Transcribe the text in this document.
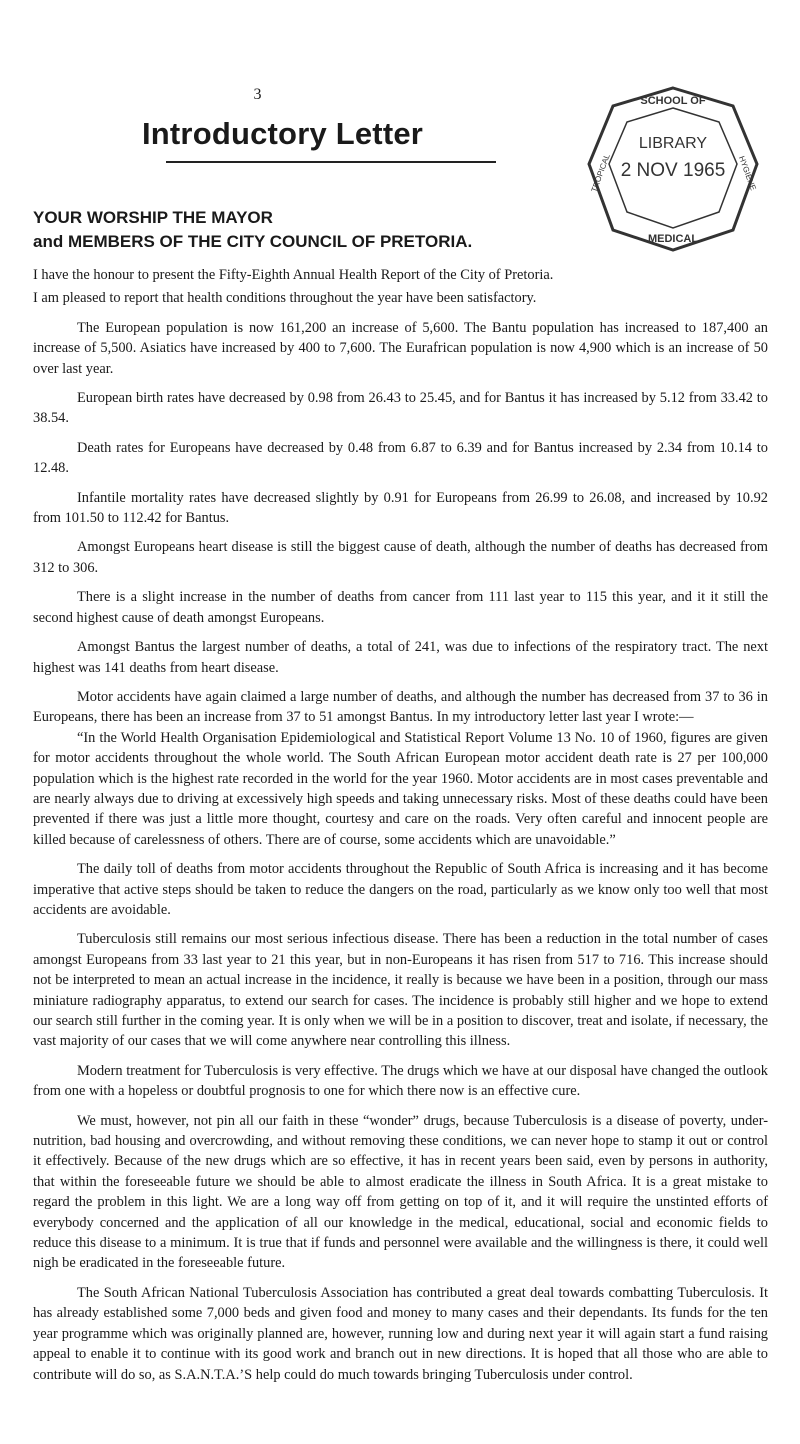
3
Introductory Letter
YOUR WORSHIP THE MAYOR
and MEMBERS OF THE CITY COUNCIL OF PRETORIA.
SCHOOL OF
LIBRARY
2 NOV 1965
MEDICAL
TROPICAL	HYGIENE

I have the honour to present the Fifty-Eighth Annual Health Report of the City of Pretoria.

I am pleased to report that health conditions throughout the year have been satisfactory.

The European population is now 161,200 an increase of 5,600. The Bantu population has increased to 187,400 an increase of 5,500. Asiatics have increased by 400 to 7,600. The Eurafrican population is now 4,900 which is an increase of 50 over last year.

European birth rates have decreased by 0.98 from 26.43 to 25.45, and for Bantus it has increased by 5.12 from 33.42 to 38.54.

Death rates for Europeans have decreased by 0.48 from 6.87 to 6.39 and for Bantus increased by 2.34 from 10.14 to 12.48.

Infantile mortality rates have decreased slightly by 0.91 for Europeans from 26.99 to 26.08, and increased by 10.92 from 101.50 to 112.42 for Bantus.

Amongst Europeans heart disease is still the biggest cause of death, although the number of deaths has decreased from 312 to 306.

There is a slight increase in the number of deaths from cancer from 111 last year to 115 this year, and it it still the second highest cause of death amongst Europeans.

Amongst Bantus the largest number of deaths, a total of 241, was due to infections of the respiratory tract. The next highest was 141 deaths from heart disease.

Motor accidents have again claimed a large number of deaths, and although the number has decreased from 37 to 36 in Europeans, there has been an increase from 37 to 51 amongst Bantus. In my introductory letter last year I wrote:—

“In the World Health Organisation Epidemiological and Statistical Report Volume 13 No. 10 of 1960, figures are given for motor accidents throughout the whole world. The South African European motor accident death rate is 27 per 100,000 population which is the highest rate recorded in the world for the year 1960. Motor accidents are in most cases preventable and are nearly always due to driving at excessively high speeds and taking unnecessary risks. Most of these deaths could have been prevented if there was just a little more thought, courtesy and care on the roads. Very often careful and innocent people are killed because of carelessness of others. There are of course, some accidents which are unavoidable.”

The daily toll of deaths from motor accidents throughout the Republic of South Africa is increasing and it has become imperative that active steps should be taken to reduce the dangers on the road, particularly as we know only too well that most accidents are avoidable.

Tuberculosis still remains our most serious infectious disease. There has been a reduction in the total number of cases amongst Europeans from 33 last year to 21 this year, but in non-Europeans it has risen from 517 to 716. This increase should not be interpreted to mean an actual increase in the incidence, it really is because we have been in a position, through our mass miniature radiography apparatus, to extend our search for cases. The incidence is probably still higher and we hope to extend our search still further in the coming year. It is only when we will be in a position to discover, treat and isolate, if necessary, the vast majority of our cases that we will come anywhere near controlling this illness.

Modern treatment for Tuberculosis is very effective. The drugs which we have at our disposal have changed the outlook from one with a hopeless or doubtful prognosis to one for which there now is an effective cure.

We must, however, not pin all our faith in these “wonder” drugs, because Tuberculosis is a disease of poverty, under-nutrition, bad housing and overcrowding, and without removing these conditions, we can never hope to stamp it out or control it effectively. Because of the new drugs which are so effective, it has in recent years been said, even by persons in authority, that within the foreseeable future we should be able to almost eradicate the illness in South Africa. It is a great mistake to regard the problem in this light. We are a long way off from getting on top of it, and it will require the unstinted efforts of everybody concerned and the application of all our knowledge in the medical, educational, social and economic fields to reduce this disease to a minimum. It is true that if funds and personnel were available and the willingness is there, it could well nigh be eradicated in the foreseeable future.

The South African National Tuberculosis Association has contributed a great deal towards combatting Tuberculosis. It has already established some 7,000 beds and given food and money to many cases and their dependants. Its funds for the ten year programme which was originally planned are, however, running low and during next year it will again start a fund raising appeal to enable it to continue with its good work and branch out in new directions. It is hoped that all those who are able to contribute will do so, as S.A.N.T.A.’S help could do much towards bringing Tuberculosis under control.
